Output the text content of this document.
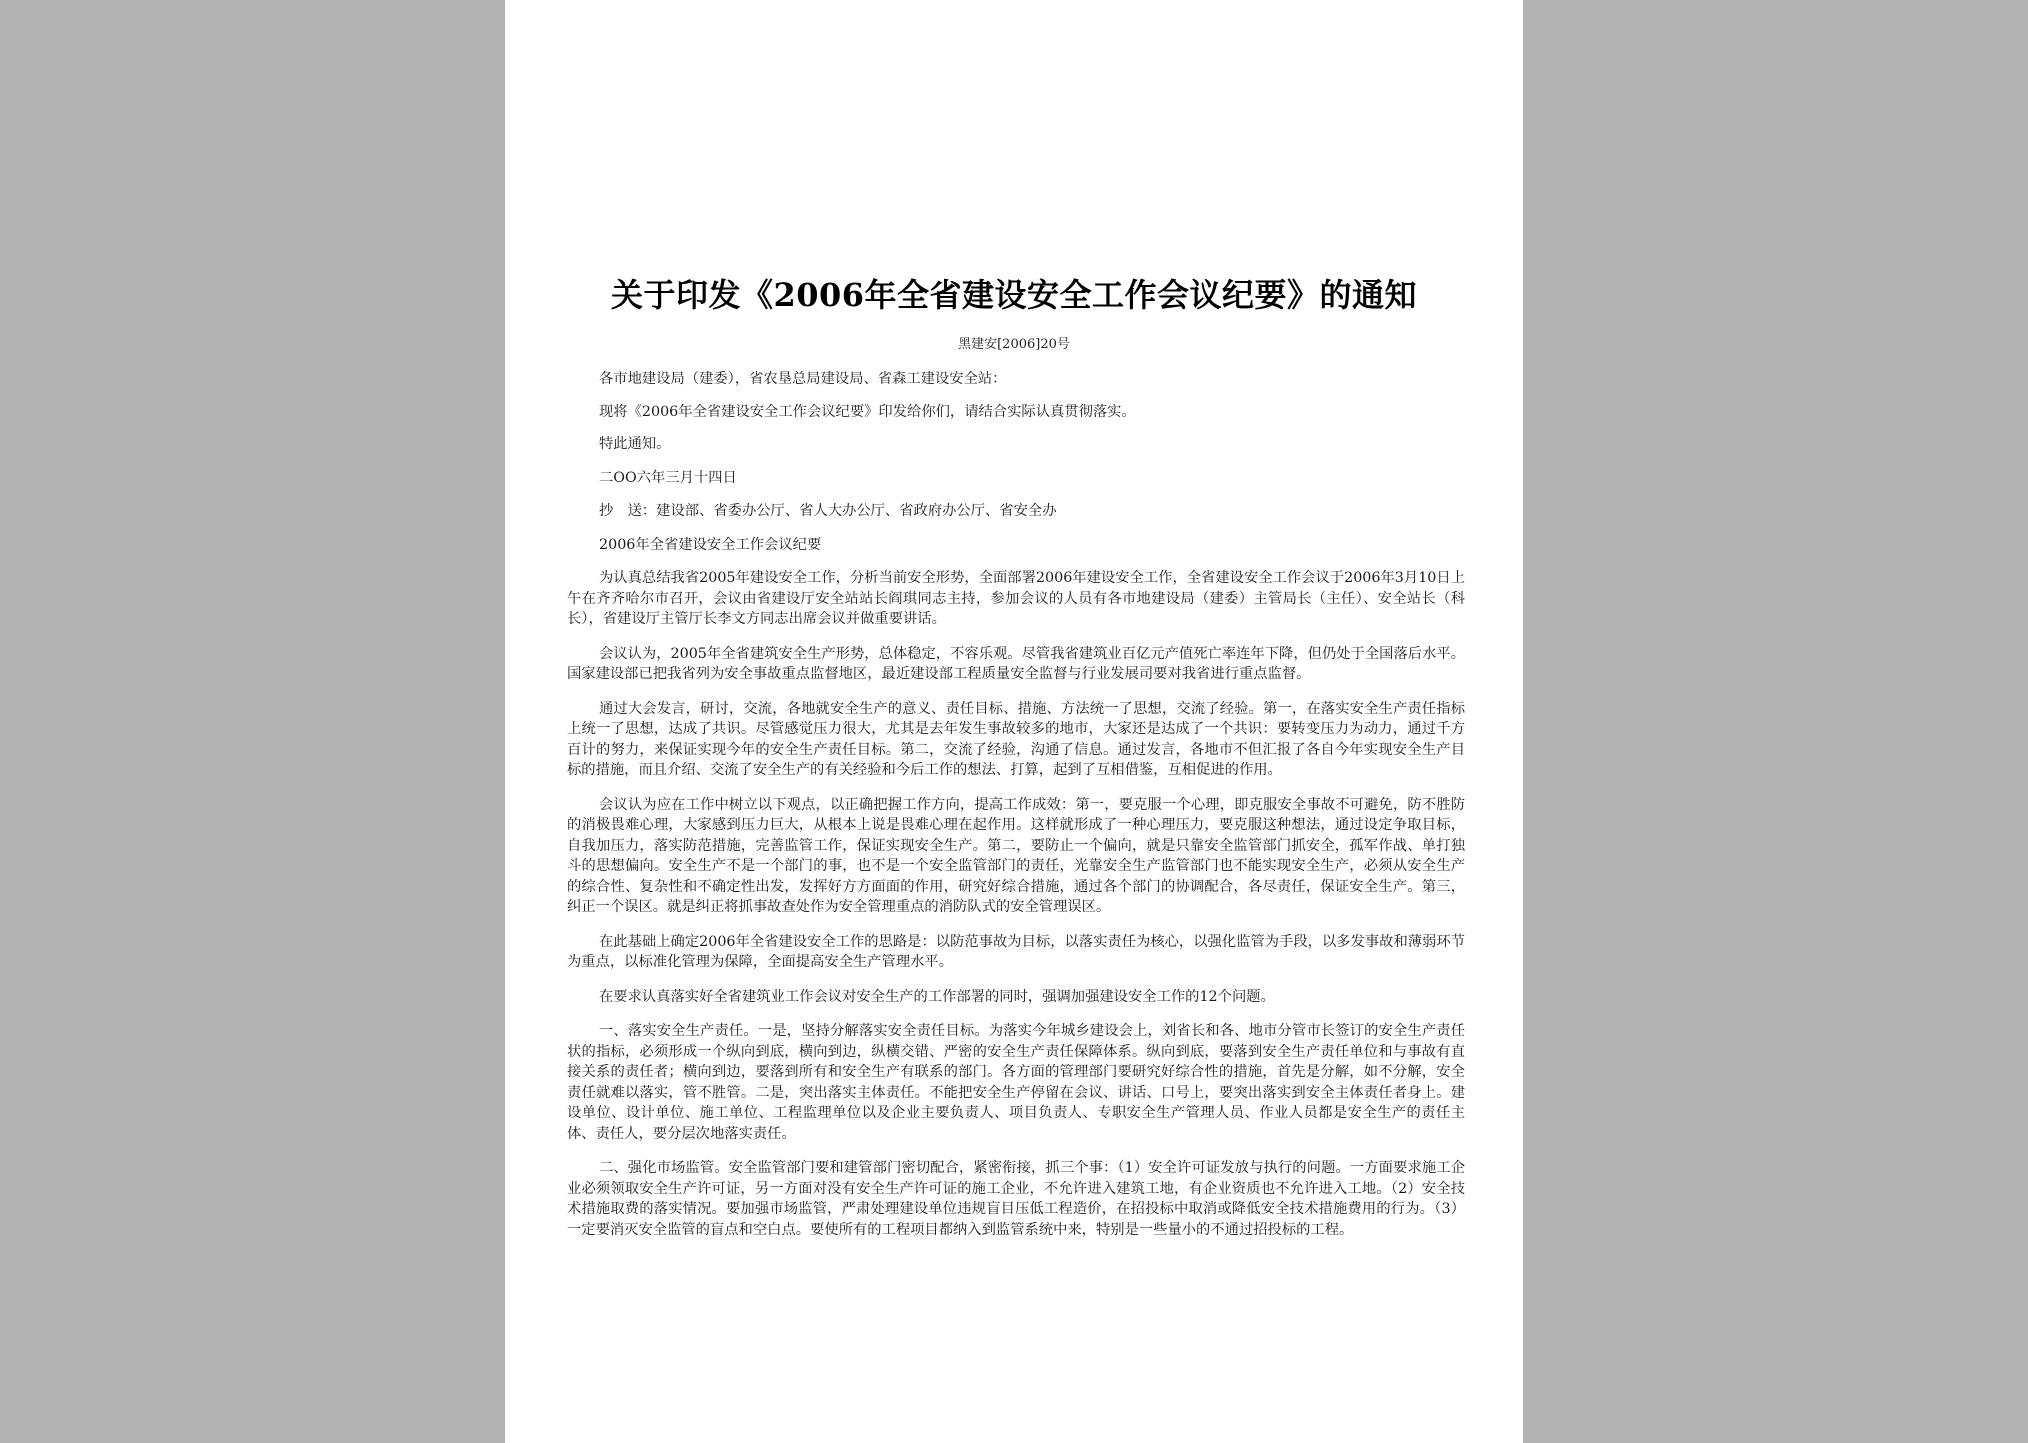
关于印发《2006年全省建设安全工作会议纪要》的通知
黑建安[2006]20号

各市地建设局（建委），省农垦总局建设局、省森工建设安全站：

现将《2006年全省建设安全工作会议纪要》印发给你们，请结合实际认真贯彻落实。

特此通知。

二OO六年三月十四日

抄　送：建设部、省委办公厅、省人大办公厅、省政府办公厅、省安全办

2006年全省建设安全工作会议纪要

为认真总结我省2005年建设安全工作，分析当前安全形势，全面部署2006年建设安全工作，全省建设安全工作会议于2006年3月10日上午在齐齐哈尔市召开，会议由省建设厅安全站站长阎琪同志主持，参加会议的人员有各市地建设局（建委）主管局长（主任）、安全站长（科长），省建设厅主管厅长李文方同志出席会议并做重要讲话。

会议认为，2005年全省建筑安全生产形势，总体稳定，不容乐观。尽管我省建筑业百亿元产值死亡率连年下降，但仍处于全国落后水平。国家建设部已把我省列为安全事故重点监督地区，最近建设部工程质量安全监督与行业发展司要对我省进行重点监督。

通过大会发言，研讨，交流，各地就安全生产的意义、责任目标、措施、方法统一了思想，交流了经验。第一，在落实安全生产责任指标上统一了思想，达成了共识。尽管感觉压力很大，尤其是去年发生事故较多的地市，大家还是达成了一个共识：要转变压力为动力，通过千方百计的努力，来保证实现今年的安全生产责任目标。第二，交流了经验，沟通了信息。通过发言，各地市不但汇报了各自今年实现安全生产目标的措施，而且介绍、交流了安全生产的有关经验和今后工作的想法、打算，起到了互相借鉴，互相促进的作用。

会议认为应在工作中树立以下观点，以正确把握工作方向，提高工作成效：第一，要克服一个心理，即克服安全事故不可避免，防不胜防的消极畏难心理，大家感到压力巨大，从根本上说是畏难心理在起作用。这样就形成了一种心理压力，要克服这种想法，通过设定争取目标，自我加压力，落实防范措施，完善监管工作，保证实现安全生产。第二，要防止一个偏向，就是只靠安全监管部门抓安全，孤军作战、单打独斗的思想偏向。安全生产不是一个部门的事，也不是一个安全监管部门的责任，光靠安全生产监管部门也不能实现安全生产，必须从安全生产的综合性、复杂性和不确定性出发，发挥好方方面面的作用，研究好综合措施，通过各个部门的协调配合，各尽责任，保证安全生产。第三，纠正一个误区。就是纠正将抓事故查处作为安全管理重点的消防队式的安全管理误区。

在此基础上确定2006年全省建设安全工作的思路是：以防范事故为目标，以落实责任为核心，以强化监管为手段，以多发事故和薄弱环节为重点，以标准化管理为保障，全面提高安全生产管理水平。

在要求认真落实好全省建筑业工作会议对安全生产的工作部署的同时，强调加强建设安全工作的12个问题。

一、落实安全生产责任。一是，坚持分解落实安全责任目标。为落实今年城乡建设会上，刘省长和各、地市分管市长签订的安全生产责任状的指标，必须形成一个纵向到底，横向到边，纵横交错、严密的安全生产责任保障体系。纵向到底，要落到安全生产责任单位和与事故有直接关系的责任者；横向到边，要落到所有和安全生产有联系的部门。各方面的管理部门要研究好综合性的措施，首先是分解，如不分解，安全责任就难以落实，管不胜管。二是，突出落实主体责任。不能把安全生产停留在会议、讲话、口号上，要突出落实到安全主体责任者身上。建设单位、设计单位、施工单位、工程监理单位以及企业主要负责人、项目负责人、专职安全生产管理人员、作业人员都是安全生产的责任主体、责任人，要分层次地落实责任。

二、强化市场监管。安全监管部门要和建管部门密切配合，紧密衔接，抓三个事：（1）安全许可证发放与执行的问题。一方面要求施工企业必须领取安全生产许可证，另一方面对没有安全生产许可证的施工企业，不允许进入建筑工地，有企业资质也不允许进入工地。（2）安全技术措施取费的落实情况。要加强市场监管，严肃处理建设单位违规盲目压低工程造价，在招投标中取消或降低安全技术措施费用的行为。（3）一定要消灭安全监管的盲点和空白点。要使所有的工程项目都纳入到监管系统中来，特别是一些量小的不通过招投标的工程。
